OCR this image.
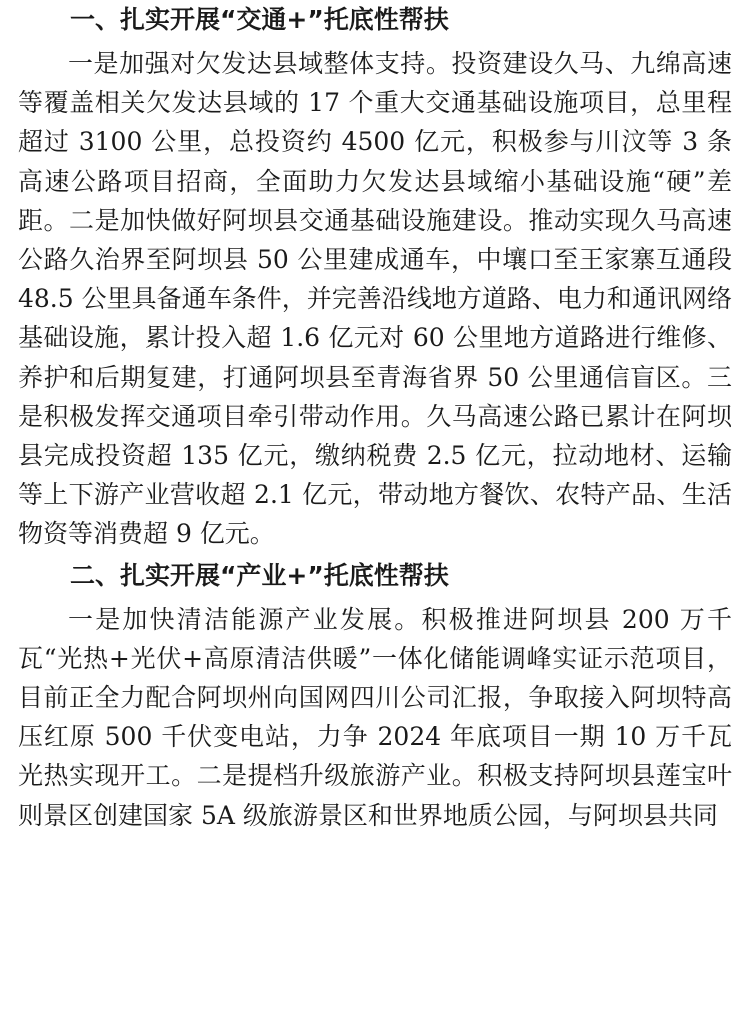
一、扎实开展“交通+”托底性帮扶

一是加强对欠发达县域整体支持。投资建设久马、九绵高速等覆盖相关欠发达县域的 17 个重大交通基础设施项目，总里程超过 3100 公里，总投资约 4500 亿元，积极参与川汶等 3 条高速公路项目招商，全面助力欠发达县域缩小基础设施“硬”差距。二是加快做好阿坝县交通基础设施建设。推动实现久马高速公路久治界至阿坝县 50 公里建成通车，中壤口至王家寨互通段 48.5 公里具备通车条件，并完善沿线地方道路、电力和通讯网络基础设施，累计投入超 1.6 亿元对 60 公里地方道路进行维修、养护和后期复建，打通阿坝县至青海省界 50 公里通信盲区。三是积极发挥交通项目牵引带动作用。久马高速公路已累计在阿坝县完成投资超 135 亿元，缴纳税费 2.5 亿元，拉动地材、运输等上下游产业营收超 2.1 亿元，带动地方餐饮、农特产品、生活物资等消费超 9 亿元。

二、扎实开展“产业+”托底性帮扶

一是加快清洁能源产业发展。积极推进阿坝县 200 万千瓦“光热+光伏+高原清洁供暖”一体化储能调峰实证示范项目，目前正全力配合阿坝州向国网四川公司汇报，争取接入阿坝特高压红原 500 千伏变电站，力争 2024 年底项目一期 10 万千瓦光热实现开工。二是提档升级旅游产业。积极支持阿坝县莲宝叶则景区创建国家 5A 级旅游景区和世界地质公园，与阿坝县共同
